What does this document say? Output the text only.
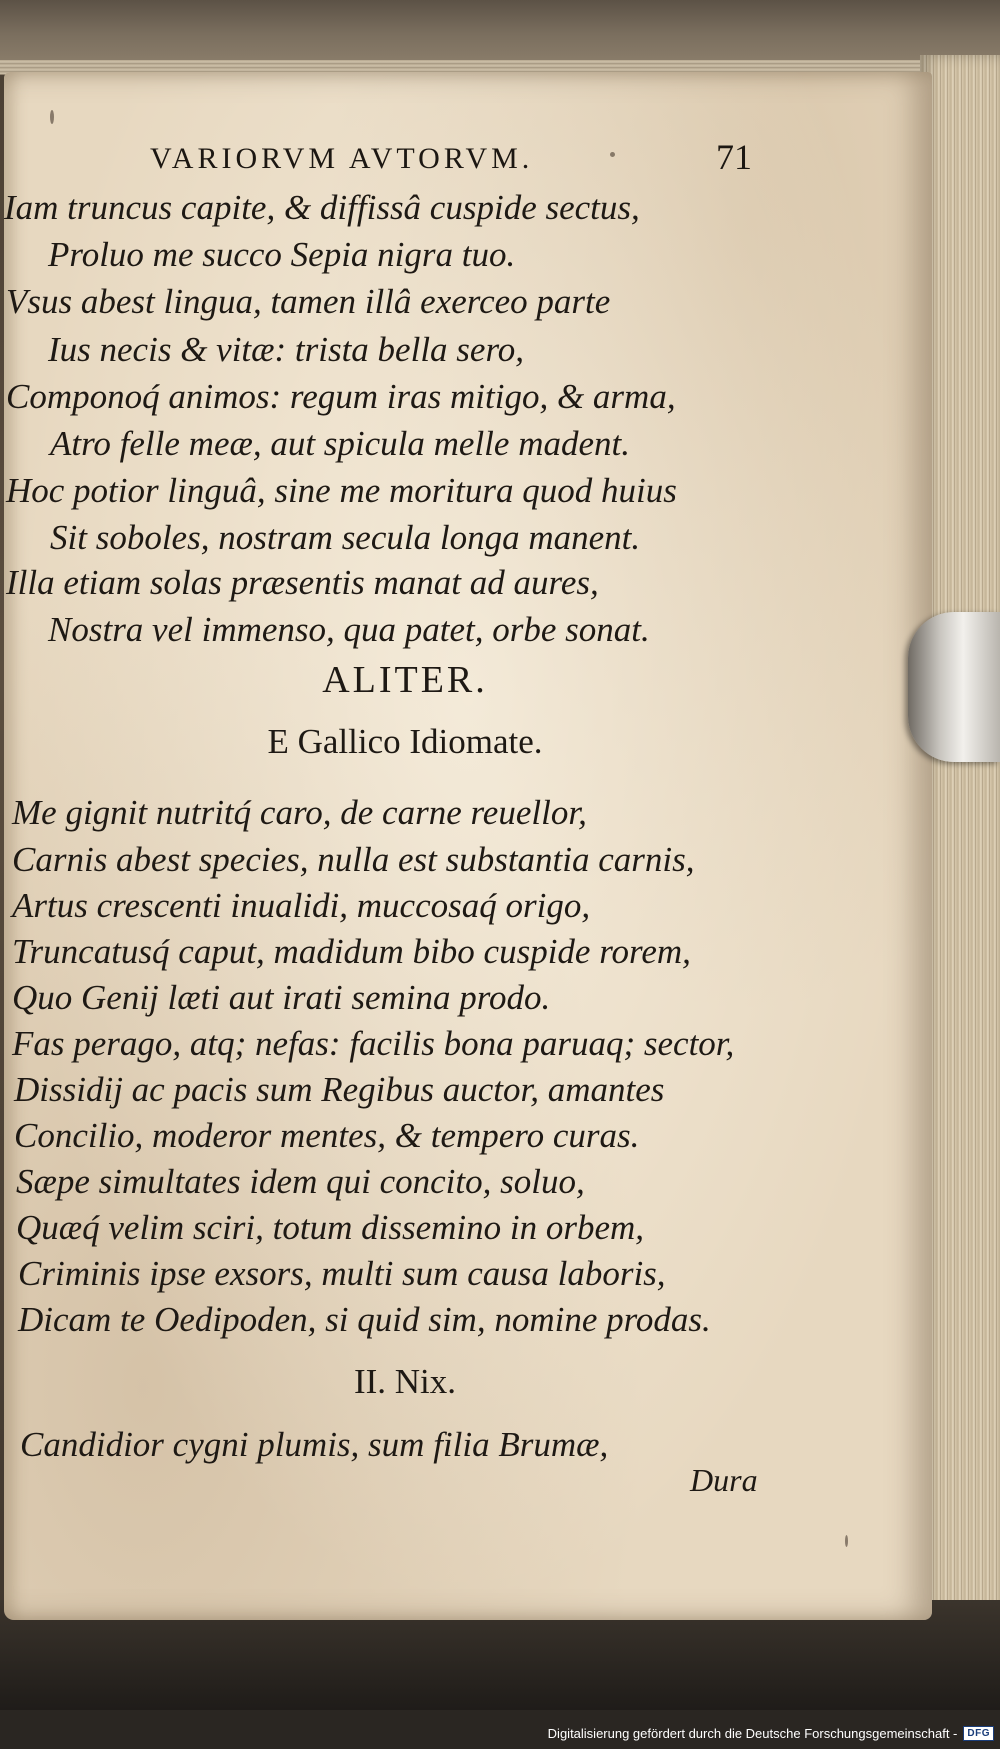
VARIORVM AVTORVM.	71
Iam truncus capite, & diffissâ cuspide sectus,
Proluo me succo Sepia nigra tuo.
Vsus abest lingua, tamen illâ exerceo parte
Ius necis & vitæ: trista bella sero,
Componoq́ animos: regum iras mitigo, & arma,
Atro felle meæ, aut spicula melle madent.
Hoc potior linguâ, sine me moritura quod huius
Sit soboles, nostram secula longa manent.
Illa etiam solas præsentis manat ad aures,
Nostra vel immenso, qua patet, orbe sonat.
ALITER.
E Gallico Idiomate.
Me gignit nutritq́ caro, de carne reuellor,
Carnis abest species, nulla est substantia carnis,
Artus crescenti inualidi, muccosaq́ origo,
Truncatusq́ caput, madidum bibo cuspide rorem,
Quo Genij læti aut irati semina prodo.
Fas perago, atq; nefas: facilis bona paruaq; sector,
Dissidij ac pacis sum Regibus auctor, amantes
Concilio, moderor mentes, & tempero curas.
Sæpe simultates idem qui concito, soluo,
Quæq́ velim sciri, totum dissemino in orbem,
Criminis ipse exsors, multi sum causa laboris,
Dicam te Oedipoden, si quid sim, nomine prodas.
II. Nix.
Candidior cygni plumis, sum filia Brumæ,
Dura
Digitalisierung gefördert durch die Deutsche Forschungsgemeinschaft -	DFG
